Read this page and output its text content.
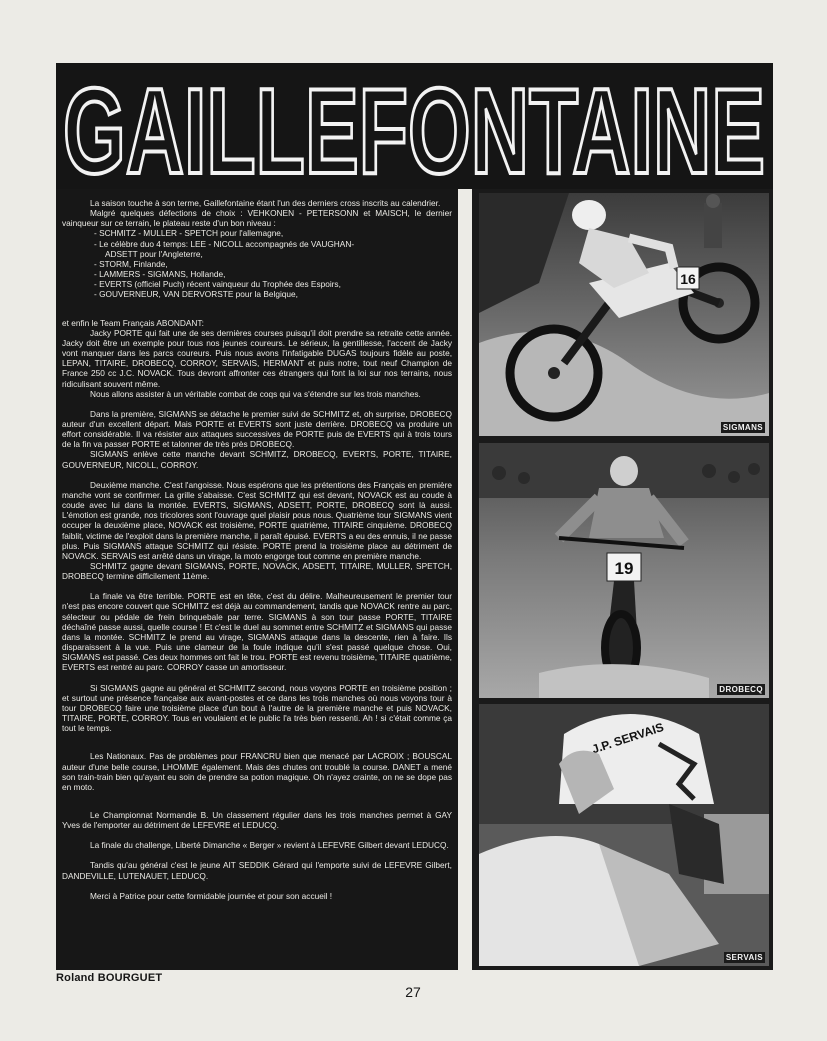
GAILLEFONTAINE

La saison touche à son terme, Gaillefontaine étant l'un des derniers cross inscrits au calendrier.

Malgré quelques défections de choix : VEHKONEN - PETERSONN et MAISCH, le dernier vainqueur sur ce terrain, le plateau reste d'un bon niveau :

- SCHMITZ - MULLER - SPETCH pour l'allemagne,

- Le célèbre duo 4 temps: LEE - NICOLL accompagnés de VAUGHAN-

ADSETT pour l'Angleterre,

- STORM, Finlande,

- LAMMERS - SIGMANS, Hollande,

- EVERTS (officiel Puch) récent vainqueur du Trophée des Espoirs,

- GOUVERNEUR, VAN DERVORSTE pour la Belgique,

et enfin le Team Français ABONDANT:

Jacky PORTE qui fait une de ses dernières courses puisqu'il doit prendre sa retraite cette année. Jacky doit être un exemple pour tous nos jeunes coureurs. Le sérieux, la gentillesse, l'accent de Jacky vont manquer dans les parcs coureurs. Puis nous avons l'infatigable DUGAS toujours fidèle au poste, LEPAN, TITAIRE, DROBECQ, CORROY, SERVAIS, HERMANT et puis notre, tout neuf Champion de France 250 cc J.C. NOVACK. Tous devront affronter ces étrangers qui font la loi sur nos terrains, nous ridiculisant souvent même.

Nous allons assister à un véritable combat de coqs qui va s'étendre sur les trois manches.

Dans la première, SIGMANS se détache le premier suivi de SCHMITZ et, oh surprise, DROBECQ auteur d'un excellent départ. Mais PORTE et EVERTS sont juste derrière. DROBECQ va produire un effort considérable. Il va résister aux attaques successives de PORTE puis de EVERTS qui à trois tours de la fin va passer PORTE et talonner de très près DROBECQ.

SIGMANS enlève cette manche devant SCHMITZ, DROBECQ, EVERTS, PORTE, TITAIRE, GOUVERNEUR, NICOLL, CORROY.

Deuxième manche. C'est l'angoisse. Nous espérons que les prétentions des Français en première manche vont se confirmer. La grille s'abaisse. C'est SCHMITZ qui est devant, NOVACK est au coude à coude avec lui dans la montée. EVERTS, SIGMANS, ADSETT, PORTE, DROBECQ sont là aussi. L'émotion est grande, nos tricolores sont l'ouvrage quel plaisir pous nous. Quatrième tour SIGMANS vient occuper la deuxième place, NOVACK est troisième, PORTE quatrième, TITAIRE cinquième. DROBECQ faiblit, victime de l'exploit dans la première manche, il paraît épuisé. EVERTS a eu des ennuis, il ne passe plus. Puis SIGMANS attaque SCHMITZ qui résiste. PORTE prend la troisième place au détriment de NOVACK. SERVAIS est arrêté dans un virage, la moto engorge tout comme en première manche.

SCHMITZ gagne devant SIGMANS, PORTE, NOVACK, ADSETT, TITAIRE, MULLER, SPETCH, DROBECQ termine difficilement 11ème.

La finale va être terrible. PORTE est en tête, c'est du délire. Malheureusement le premier tour n'est pas encore couvert que SCHMITZ est déjà au commandement, tandis que NOVACK rentre au parc, sélecteur ou pédale de frein brinquebale par terre. SIGMANS à son tour passe PORTE, TITAIRE déchaîné passe aussi, quelle course ! Et c'est le duel au sommet entre SCHMITZ et SIGMANS qui passe dans la montée. SCHMITZ le prend au virage, SIGMANS attaque dans la descente, rien à faire. Ils disparaissent à la vue. Puis une clameur de la foule indique qu'il s'est passé quelque chose. Oui, SIGMANS est passé. Ces deux hommes ont fait le trou. PORTE est revenu troisième, TITAIRE quatrième, EVERTS est rentré au parc. CORROY casse un amortisseur.

Si SIGMANS gagne au général et SCHMITZ second, nous voyons PORTE en troisième position ; et surtout une présence française aux avant-postes et ce dans les trois manches où nous voyons tour à tour DROBECQ faire une troisième place d'un bout à l'autre de la première manche et puis NOVACK, TITAIRE, PORTE, CORROY. Tous en voulaient et le public l'a très bien ressenti. Ah ! si c'était comme ça tout le temps.

Les Nationaux. Pas de problèmes pour FRANCRU bien que menacé par LACROIX ; BOUSCAL auteur d'une belle course, LHOMME également. Mais des chutes ont troublé la course. DANET a mené son train-train bien qu'ayant eu soin de prendre sa potion magique. Oh n'ayez crainte, on ne se dope pas en moto.

Le Championnat Normandie B. Un classement régulier dans les trois manches permet à GAY Yves de l'emporter au détriment de LEFEVRE et LEDUCQ.

La finale du challenge, Liberté Dimanche « Berger » revient à LEFEVRE Gilbert devant LEDUCQ.

Tandis qu'au général c'est le jeune AIT SEDDIK Gérard qui l'emporte suivi de LEFEVRE Gilbert, DANDEVILLE, LUTENAUET, LEDUCQ.

Merci à Patrice pour cette formidable journée et pour son accueil !

Roland BOURGUET
27
16
SIGMANS
19
DROBECQ
J.P. SERVAIS
SERVAIS
